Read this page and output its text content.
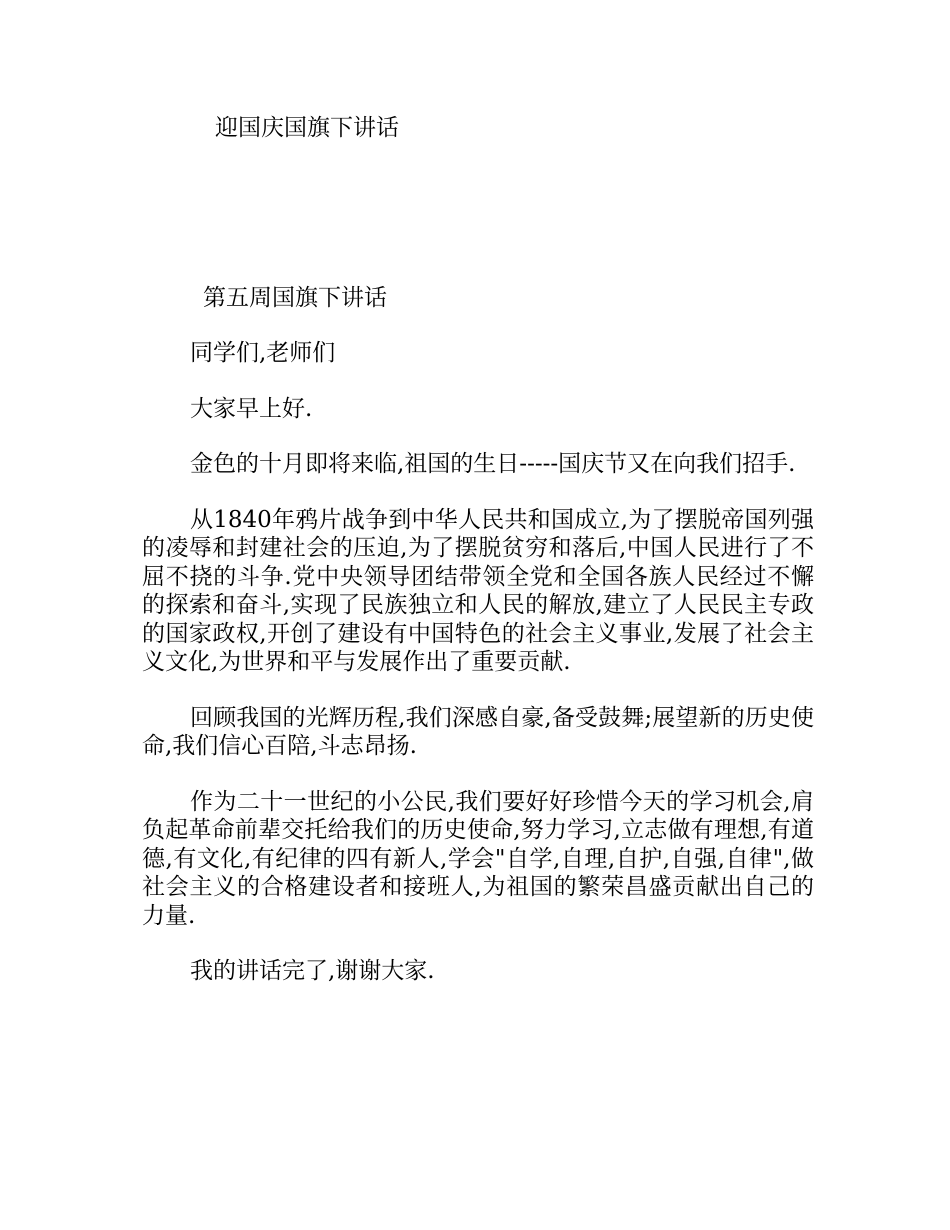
迎国庆国旗下讲话
第五周国旗下讲话

同学们,老师们

大家早上好.

金色的十月即将来临,祖国的生日-----国庆节又在向我们招手.

从1840年鸦片战争到中华人民共和国成立,为了摆脱帝国列强的凌辱和封建社会的压迫,为了摆脱贫穷和落后,中国人民进行了不屈不挠的斗争.党中央领导团结带领全党和全国各族人民经过不懈的探索和奋斗,实现了民族独立和人民的解放,建立了人民民主专政的国家政权,开创了建设有中国特色的社会主义事业,发展了社会主义文化,为世界和平与发展作出了重要贡献.

回顾我国的光辉历程,我们深感自豪,备受鼓舞;展望新的历史使命,我们信心百陪,斗志昂扬.

作为二十一世纪的小公民,我们要好好珍惜今天的学习机会,肩负起革命前辈交托给我们的历史使命,努力学习,立志做有理想,有道德,有文化,有纪律的四有新人,学会"自学,自理,自护,自强,自律",做社会主义的合格建设者和接班人,为祖国的繁荣昌盛贡献出自己的力量.

我的讲话完了,谢谢大家.
